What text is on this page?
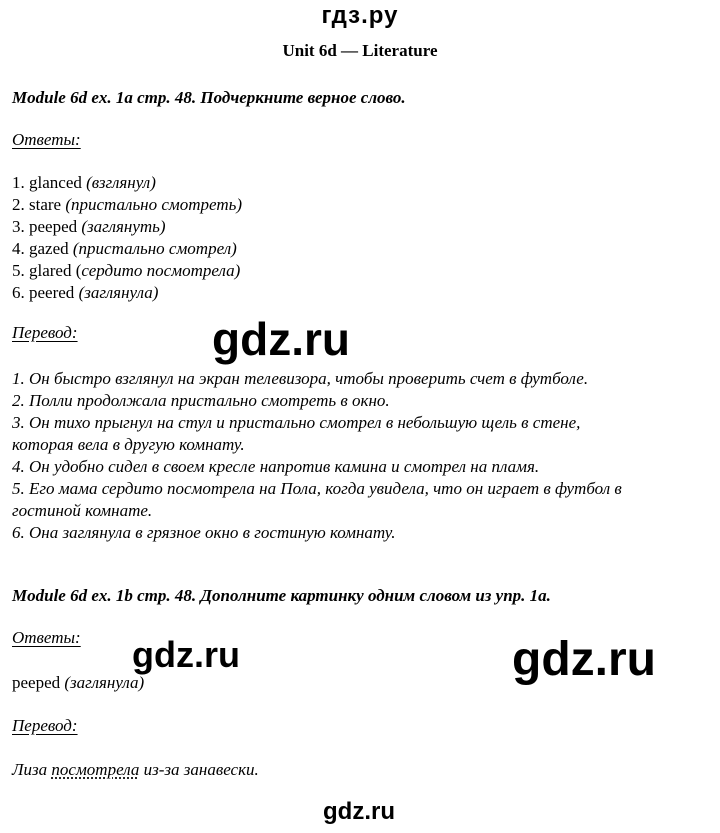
гдз.ру
Unit 6d — Literature
Module 6d ex. 1a стр. 48. Подчеркните верное слово.
Ответы:
1. glanced (взглянул)
2. stare (пристально смотреть)
3. peeped (заглянуть)
4. gazed (пристально смотрел)
5. glared (сердито посмотрела)
6. peered (заглянула)
Перевод:
1. Он быстро взглянул на экран телевизора, чтобы проверить счет в футболе.
2. Полли продолжала пристально смотреть в окно.
3. Он тихо прыгнул на стул и пристально смотрел в небольшую щель в стене,
которая вела в другую комнату.
4. Он удобно сидел в своем кресле напротив камина и смотрел на пламя.
5. Его мама сердито посмотрела на Пола, когда увидела, что он играет в футбол в
гостиной комнате.
6. Она заглянула в грязное окно в гостиную комнату.
Module 6d ex. 1b стр. 48. Дополните картинку одним словом из упр. 1a.
Ответы:
peeped (заглянула)
Перевод:
Лиза посмотрела из-за занавески.
gdz.ru
gdz.ru	gdz.ru
gdz.ru
